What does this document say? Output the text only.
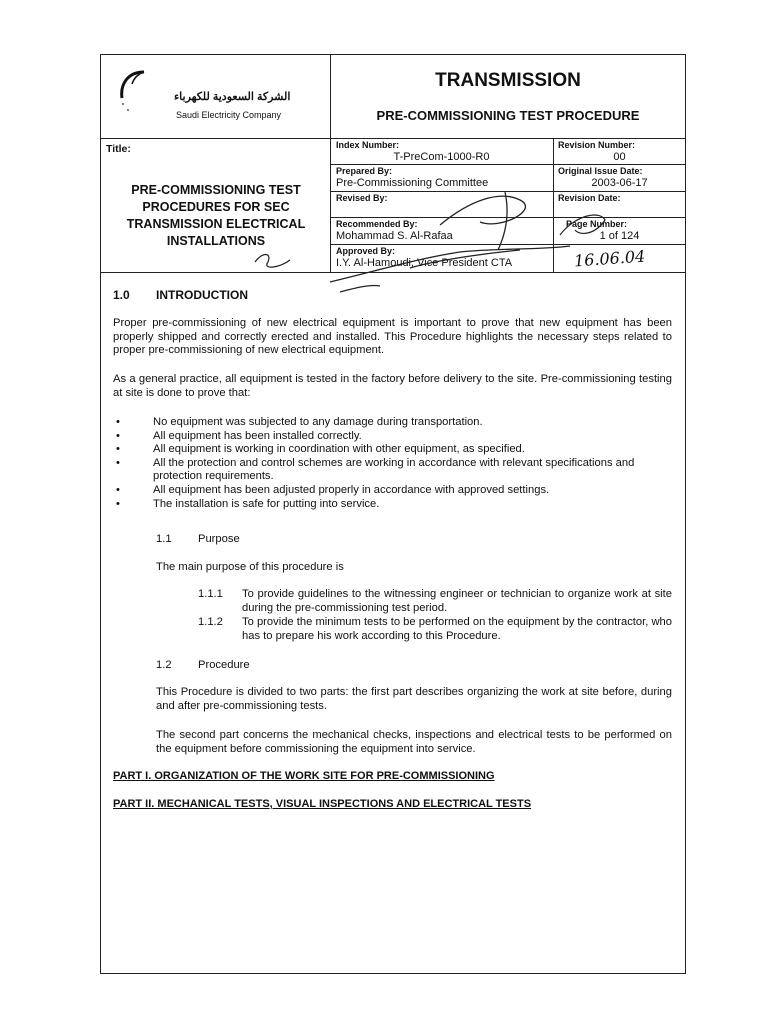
الشركة السعودية للكهرباء
Saudi Electricity Company
TRANSMISSION
PRE-COMMISSIONING TEST PROCEDURE
Title:
PRE-COMMISSIONING TEST PROCEDURES FOR SEC TRANSMISSION ELECTRICAL INSTALLATIONS
Index Number:
T-PreCom-1000-R0
Revision Number:
00
Prepared By:
Pre-Commissioning Committee
Original Issue Date:
2003-06-17
Revised By:	Revision Date:
Recommended By:
Mohammad S. Al-Rafaa
Page Number:
1 of 124
Approved By:
I.Y. Al-Hamoudi, Vice President CTA	16.06.04
1.0 INTRODUCTION
Proper pre-commissioning of new electrical equipment is important to prove that new equipment has been properly shipped and correctly erected and installed. This Procedure highlights the necessary steps related to proper pre-commissioning of new electrical equipment.
As a general practice, all equipment is tested in the factory before delivery to the site. Pre-commissioning testing at site is done to prove that:
• No equipment was subjected to any damage during transportation.
• All equipment has been installed correctly.
• All equipment is working in coordination with other equipment, as specified.
• All the protection and control schemes are working in accordance with relevant specifications and protection requirements.
• All equipment has been adjusted properly in accordance with approved settings.
• The installation is safe for putting into service.
1.1 Purpose
The main purpose of this procedure is
1.1.1 To provide guidelines to the witnessing engineer or technician to organize work at site during the pre-commissioning test period.
1.1.2 To provide the minimum tests to be performed on the equipment by the contractor, who has to prepare his work according to this Procedure.
1.2 Procedure
This Procedure is divided to two parts: the first part describes organizing the work at site before, during and after pre-commissioning tests.
The second part concerns the mechanical checks, inspections and electrical tests to be performed on the equipment before commissioning the equipment into service.
PART I. ORGANIZATION OF THE WORK SITE FOR PRE-COMMISSIONING
PART II. MECHANICAL TESTS, VISUAL INSPECTIONS AND ELECTRICAL TESTS
